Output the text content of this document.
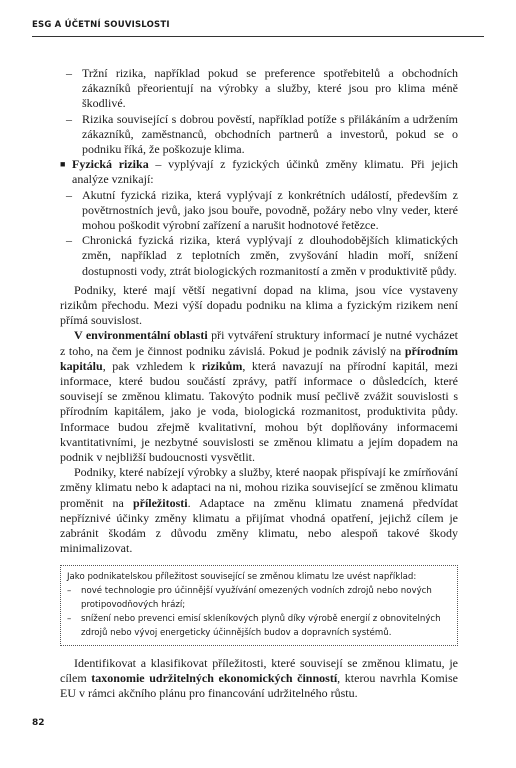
ESG A ÚČETNÍ SOUVISLOSTI
– Tržní rizika, například pokud se preference spotřebitelů a obchodních zákazníků přeorientují na výrobky a služby, které jsou pro klima méně škodlivé.
– Rizika související s dobrou pověstí, například potíže s přilákáním a udržením zákazníků, zaměstnanců, obchodních partnerů a investorů, pokud se o podniku říká, že poškozuje klima.
■ Fyzická rizika – vyplývají z fyzických účinků změny klimatu. Při jejich analýze vznikají:
– Akutní fyzická rizika, která vyplývají z konkrétních událostí, především z povětrnostních jevů, jako jsou bouře, povodně, požáry nebo vlny veder, které mohou poškodit výrobní zařízení a narušit hodnotové řetězce.
– Chronická fyzická rizika, která vyplývají z dlouhodobějších klimatických změn, například z teplotních změn, zvyšování hladin moří, snížení dostupnosti vody, ztrát biologických rozmanitostí a změn v produktivitě půdy.

Podniky, které mají větší negativní dopad na klima, jsou více vystaveny rizikům přechodu. Mezi výší dopadu podniku na klima a fyzickým rizikem není přímá souvislost.

V environmentální oblasti při vytváření struktury informací je nutné vycházet z toho, na čem je činnost podniku závislá. Pokud je podnik závislý na přírodním kapitálu, pak vzhledem k rizikům, která navazují na přírodní kapitál, mezi informace, které budou součástí zprávy, patří informace o důsledcích, které souvisejí se změnou klimatu. Takovýto podnik musí pečlivě zvážit souvislosti s přírodním kapitálem, jako je voda, biologická rozmanitost, produktivita půdy. Informace budou zřejmě kvalitativní, mohou být doplňovány informacemi kvantitativními, je nezbytné souvislosti se změnou klimatu a jejím dopadem na podnik v nejbližší budoucnosti vysvětlit.

Podniky, které nabízejí výrobky a služby, které naopak přispívají ke zmírňování změny klimatu nebo k adaptaci na ni, mohou rizika související se změnou klimatu proměnit na příležitosti. Adaptace na změnu klimatu znamená předvídat nepříznivé účinky změny klimatu a přijímat vhodná opatření, jejichž cílem je zabránit škodám z důvodu změny klimatu, nebo alespoň takové škody minimalizovat.

Jako podnikatelskou příležitost související se změnou klimatu lze uvést například:
–	nové technologie pro účinnější využívání omezených vodních zdrojů nebo nových protipovodňových hrází;
–	snížení nebo prevenci emisí skleníkových plynů díky výrobě energií z obnovitelných zdrojů nebo vývoj energeticky účinnějších budov a dopravních systémů.

Identifikovat a klasifikovat příležitosti, které souvisejí se změnou klimatu, je cílem taxonomie udržitelných ekonomických činností, kterou navrhla Komise EU v rámci akčního plánu pro financování udržitelného růstu.

82
